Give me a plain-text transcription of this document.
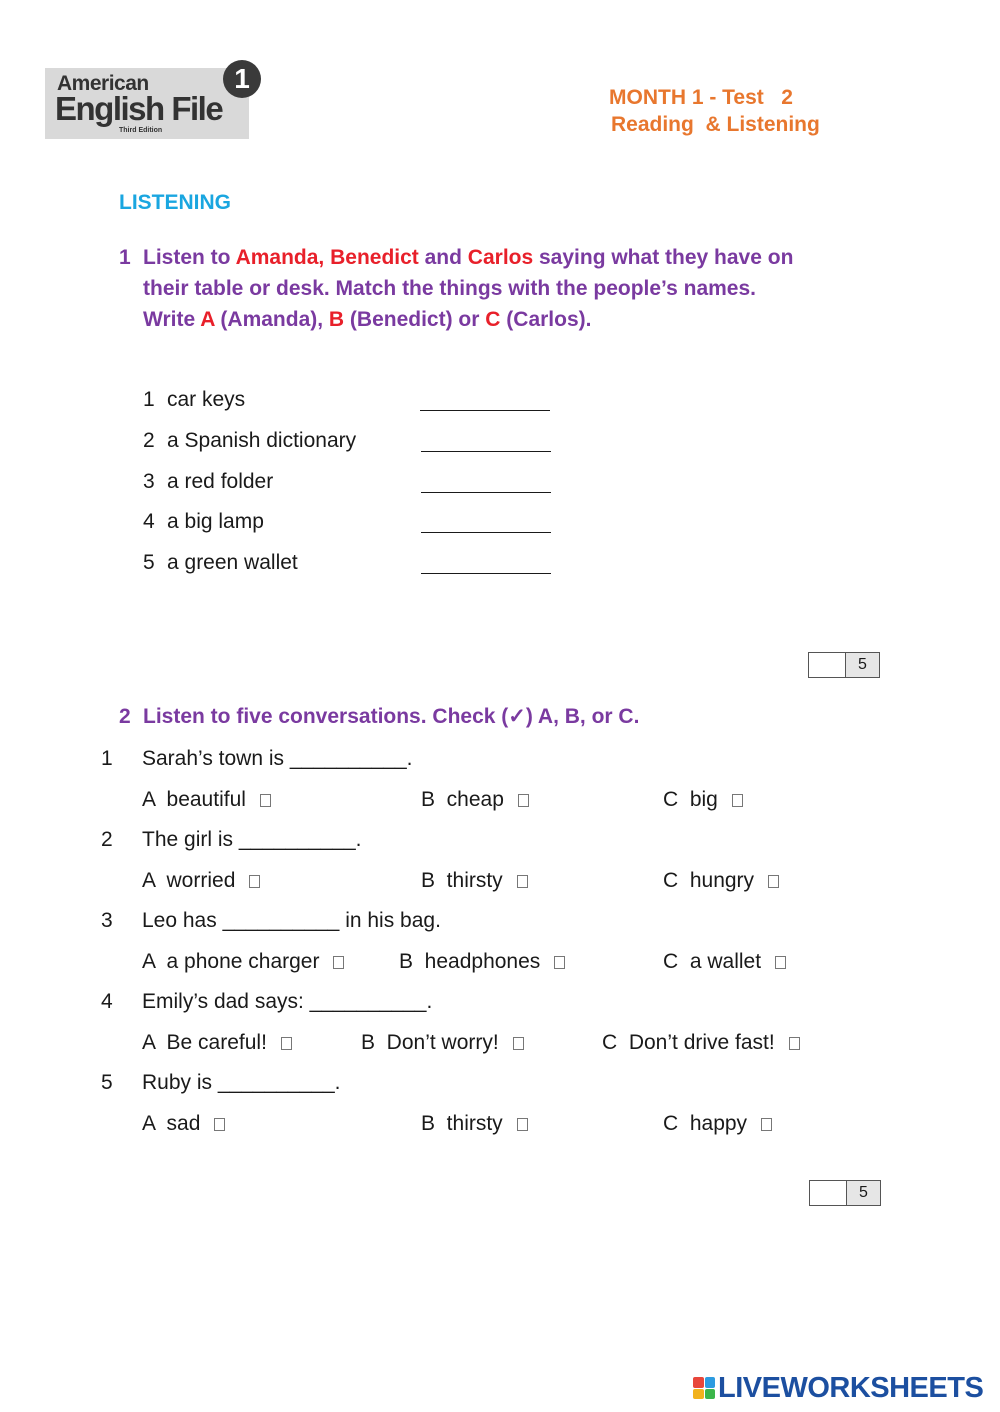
American
English File
Third Edition
1
MONTH 1 - Test   2
Reading  & Listening
LISTENING
1 Listen to Amanda, Benedict and Carlos saying what they have on
their table or desk. Match the things with the people’s names.
Write A (Amanda), B (Benedict) or C (Carlos).
1 car keys
2 a Spanish dictionary
3 a red folder
4 a big lamp
5 a green wallet
5
2 Listen to five conversations. Check (✓) A, B, or C.
1 Sarah’s town is __________.
A  beautiful	B  cheap	C  big
2 The girl is __________.
A  worried	B  thirsty	C  hungry
3 Leo has __________ in his bag.
A  a phone charger	B  headphones	C  a wallet
4 Emily’s dad says: __________.
A  Be careful!	B  Don’t worry!	C  Don’t drive fast!
5 Ruby is __________.
A  sad	B  thirsty	C  happy
5
LIVEWORKSHEETS
